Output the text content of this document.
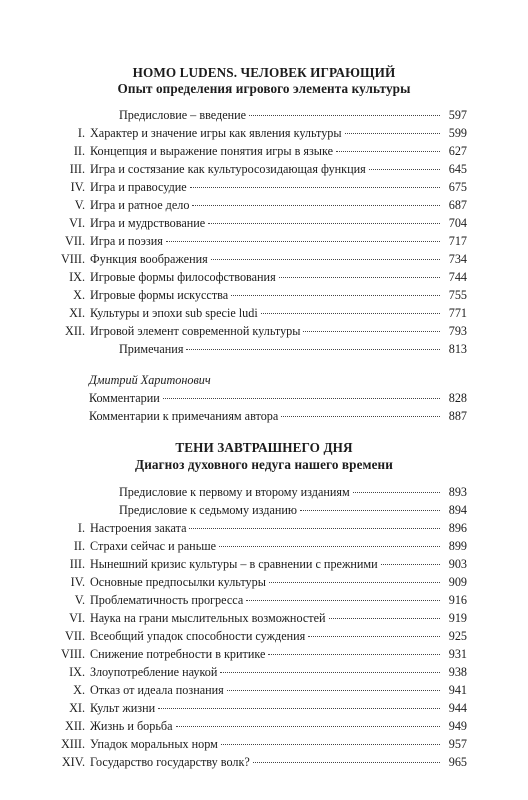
HOMO LUDENS. ЧЕЛОВЕК ИГРАЮЩИЙ
Опыт определения игрового элемента культуры
Предисловие – введение	597
I. Характер и значение игры как явления культуры	599
II. Концепция и выражение понятия игры в языке	627
III. Игра и состязание как культуросозидающая функция	645
IV. Игра и правосудие	675
V. Игра и ратное дело	687
VI. Игра и мудрствование	704
VII. Игра и поэзия	717
VIII. Функция воображения	734
IX. Игровые формы философствования	744
X. Игровые формы искусства	755
XI. Культуры и эпохи sub specie ludi	771
XII. Игровой элемент современной культуры	793
Примечания	813
Дмитрий Харитонович
Комментарии	828
Комментарии к примечаниям автора	887
ТЕНИ ЗАВТРАШНЕГО ДНЯ
Диагноз духовного недуга нашего времени
Предисловие к первому и второму изданиям	893
Предисловие к седьмому изданию	894
I. Настроения заката	896
II. Страхи сейчас и раньше	899
III. Нынешний кризис культуры – в сравнении с прежними	903
IV. Основные предпосылки культуры	909
V. Проблематичность прогресса	916
VI. Наука на грани мыслительных возможностей	919
VII. Всеобщий упадок способности суждения	925
VIII. Снижение потребности в критике	931
IX. Злоупотребление наукой	938
X. Отказ от идеала познания	941
XI. Культ жизни	944
XII. Жизнь и борьба	949
XIII. Упадок моральных норм	957
XIV. Государство государству волк?	965
